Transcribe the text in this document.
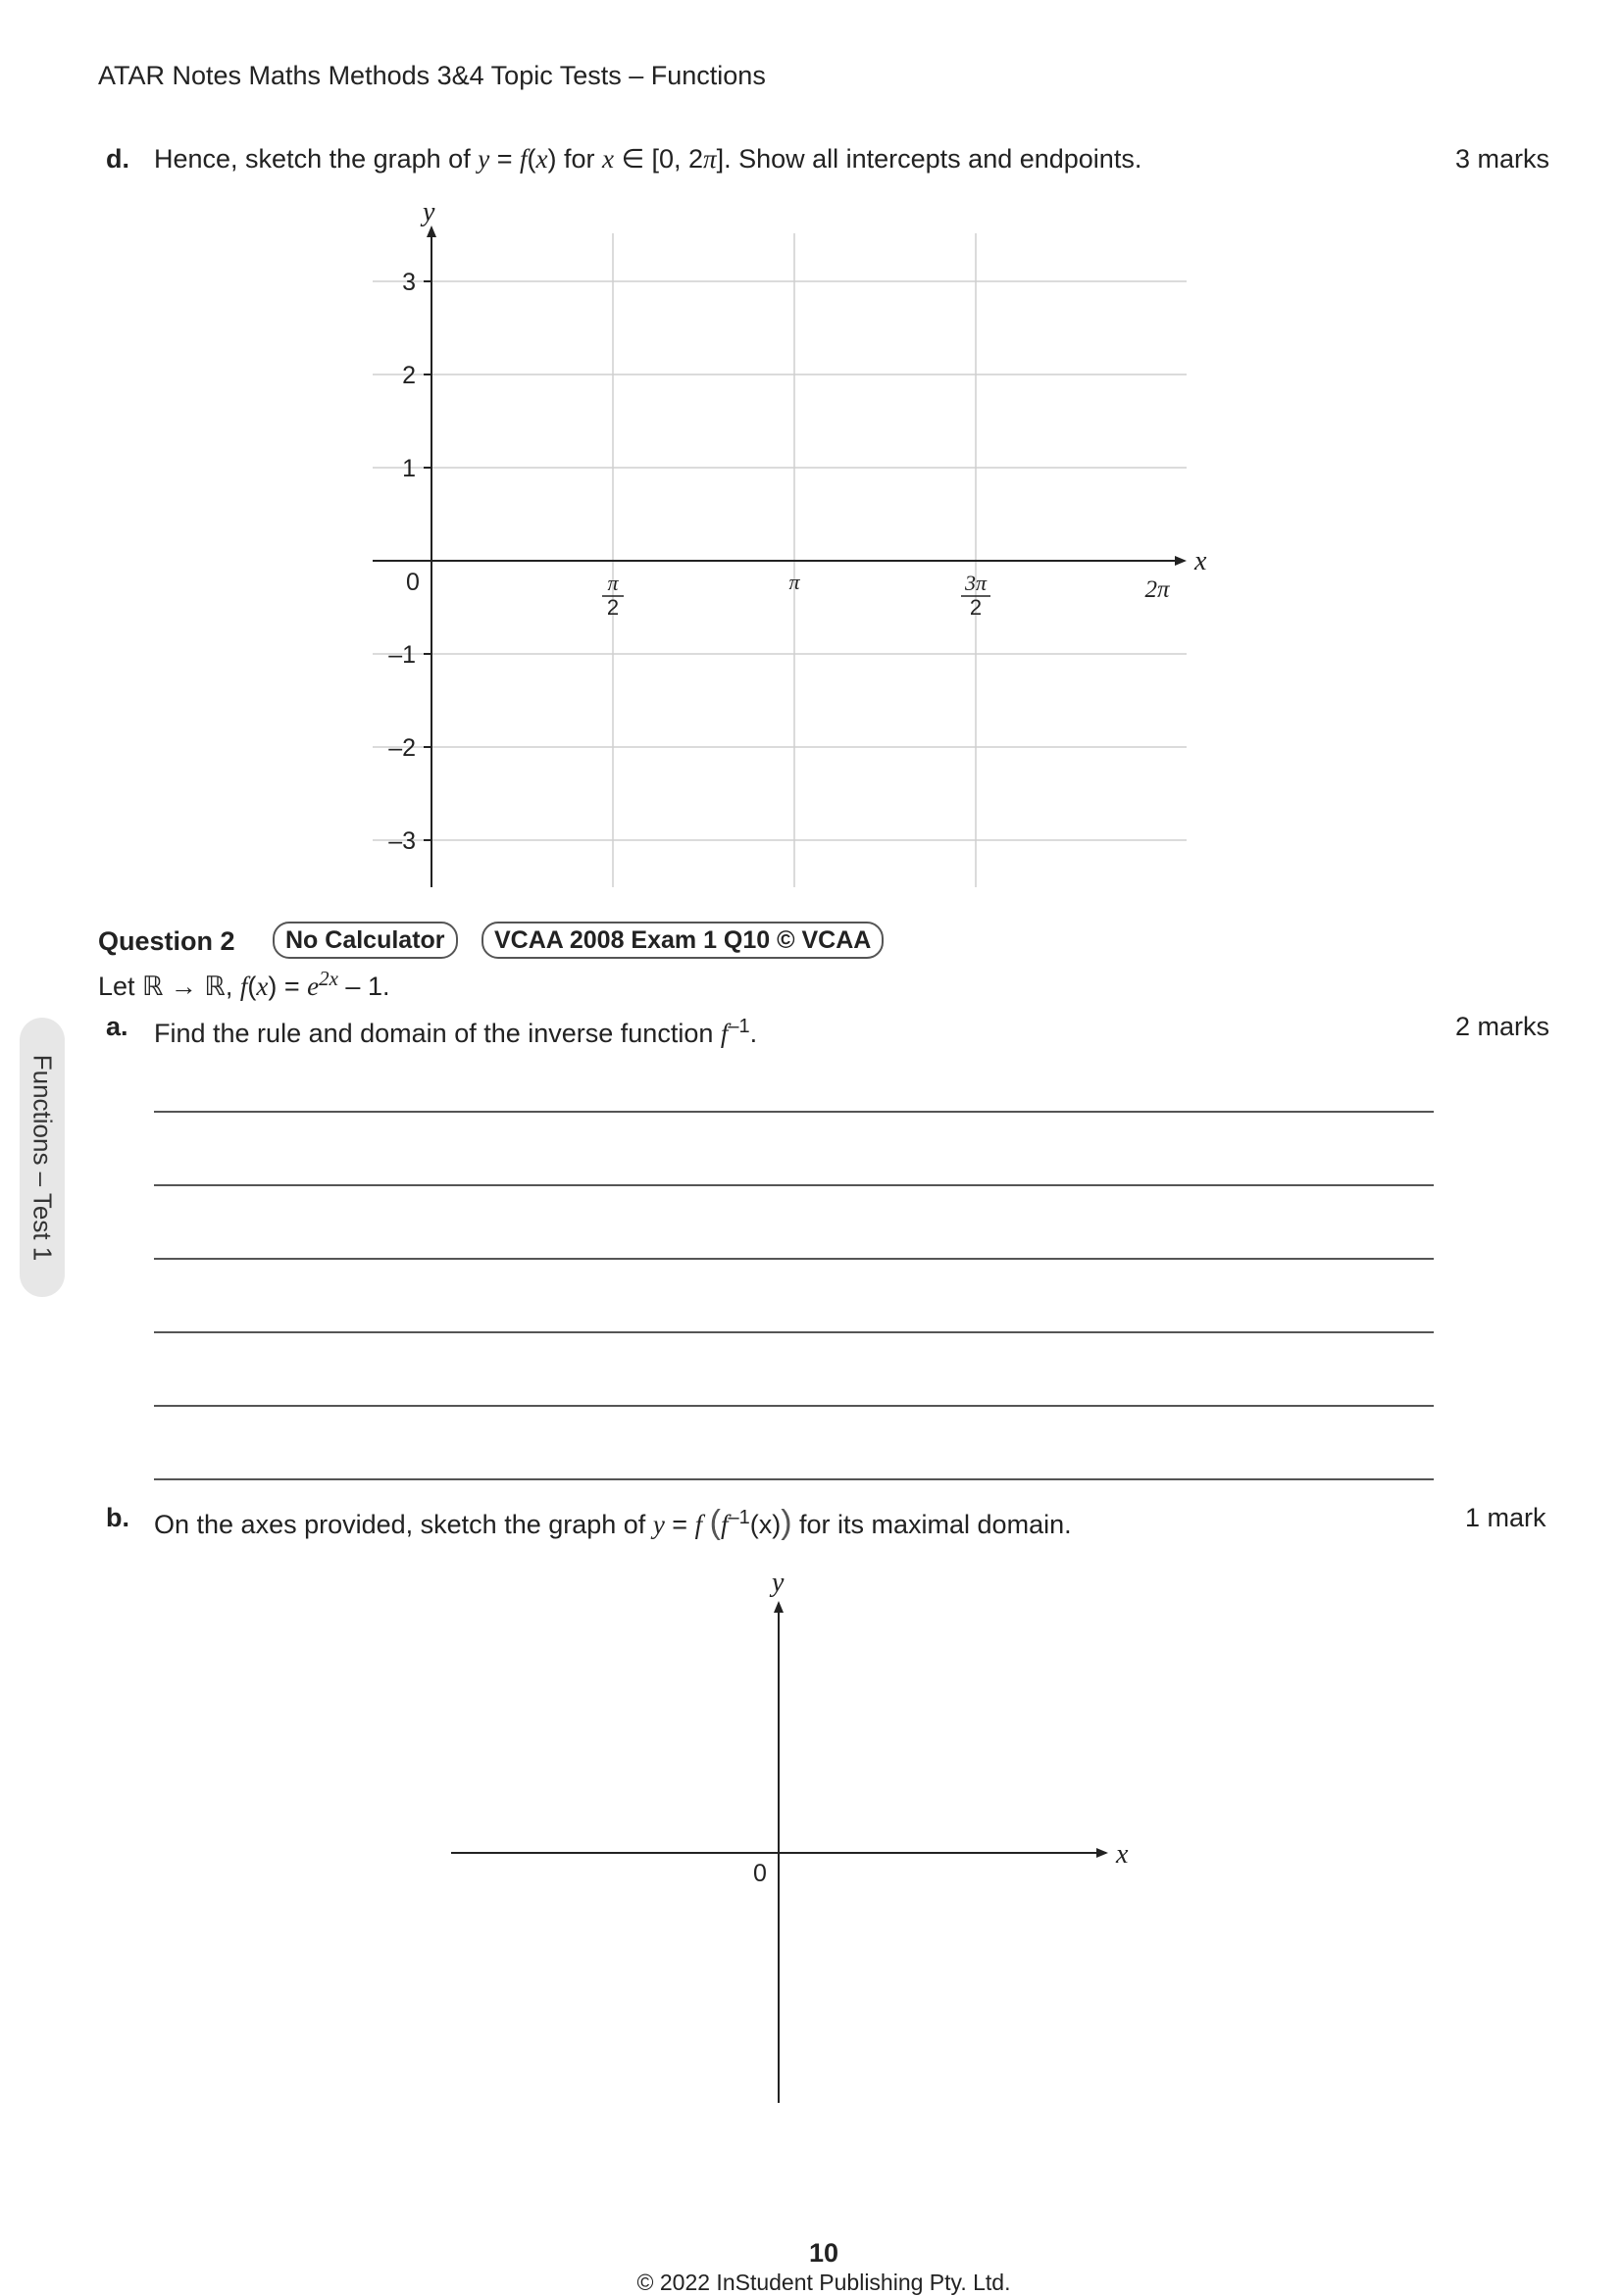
ATAR Notes Maths Methods 3&4 Topic Tests – Functions
Functions – Test 1
d. Hence, sketch the graph of y = f(x) for x ∈ [0, 2π]. Show all intercepts and endpoints.	3 marks
x
y
0
3
2
1
–1
–2
–3
π
2
π	3π
2
2π
Question 2	No Calculator	VCAA 2008 Exam 1 Q10 © VCAA
Let ℝ → ℝ, $f(x) = e^{2x} - 1$.
a. Find the rule and domain of the inverse function $f^{-1}$.	2 marks
b. On the axes provided, sketch the graph of y = f $(f^{-1}(x))$ for its maximal domain.	1 mark
x
y
0
10
© 2022 InStudent Publishing Pty. Ltd.
